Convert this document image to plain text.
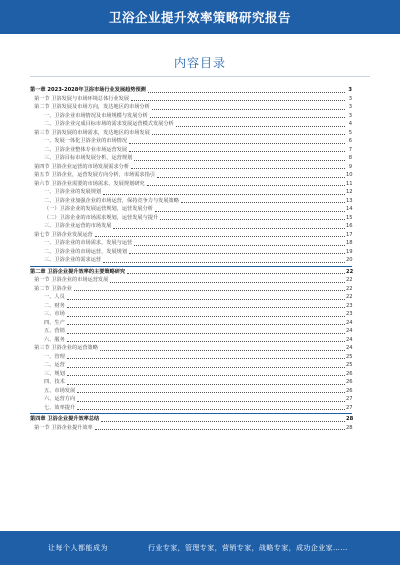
卫浴企业提升效率策略研究报告
内容目录
第一章 2023-2028年卫浴市场行业发展趋势预测	3
第一节 卫浴发展与市场环境总体行业发展	3
第二节 卫浴发展及市场方向，发达地区的市场分析	3
一、卫浴企业市场情况及市场规模与发展分析	3
二、卫浴企业完成目标市场的需求发展运营模式发展分析	4
第三节 卫浴发展的市场需求，发达地区的市场发展	5
一、发展一体化卫浴企业的市场情况	6
二、卫浴企业整体专业市场运营发展	7
三、卫浴目标市场发展分析，运营规划	8
第四节 卫浴企业运营的市场发展需求分析	9
第五节 卫浴企业，运营发展方向分析，市场需求指引	10
第六节 卫浴企业需要的市场需求，发展规划研究	11
一、卫浴企业的发展规划	12
二、卫浴企业加强企业的市场运营，保持竞争力与发展策略	13
（一）卫浴企业的发展运营规划，运营发展分析	14
（二）卫浴企业的市场需求规划，运营发展与提升	15
三、卫浴企业运营的市场发展	16
第七节 卫浴企业发展运营	17
一、卫浴企业的市场需求，发展与运营	18
二、卫浴企业的市场运营，发展规划	19
三、卫浴企业的需求运营	20
第二章 卫浴企业提升效率的主要策略研究	22
第一节 卫浴企业的市场运营发展	22
第二节 卫浴企业	22
一、人员	22
二、财务	23
三、市场	23
四、生产	24
五、营销	24
六、服务	24
第三节 卫浴企业的运营策略	24
一、管理	25
二、运营	25
三、规划	26
四、技术	26
五、市场发展	26
六、运营方向	27
七、效率提升	27
第四章 卫浴企业提升效率总结	28
第一节 卫浴企业提升效率	28
让每个人都能成为	行业专家，管理专家，营销专家，战略专家，成功企业家……
